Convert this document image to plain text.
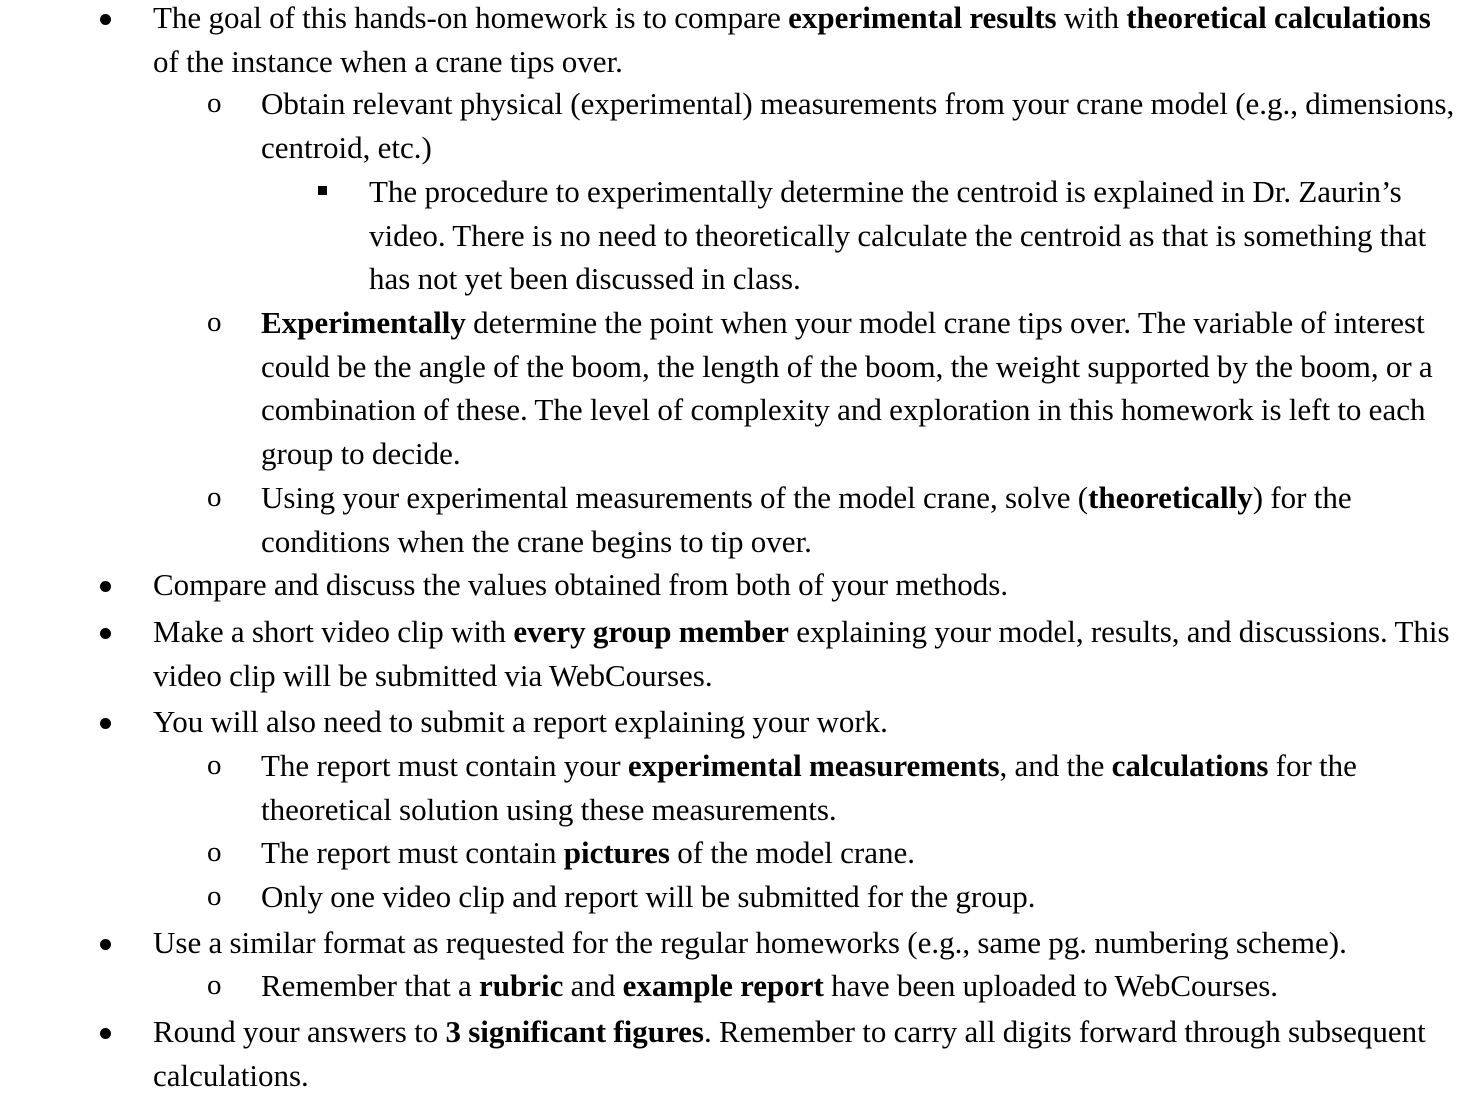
The goal of this hands-on homework is to compare experimental results with theoretical calculations of the instance when a crane tips over.
o Obtain relevant physical (experimental) measurements from your crane model (e.g., dimensions, centroid, etc.)
The procedure to experimentally determine the centroid is explained in Dr. Zaurin’s video. There is no need to theoretically calculate the centroid as that is something that has not yet been discussed in class.
o Experimentally determine the point when your model crane tips over. The variable of interest could be the angle of the boom, the length of the boom, the weight supported by the boom, or a combination of these. The level of complexity and exploration in this homework is left to each group to decide.
o Using your experimental measurements of the model crane, solve (theoretically) for the conditions when the crane begins to tip over.
Compare and discuss the values obtained from both of your methods.
Make a short video clip with every group member explaining your model, results, and discussions. This video clip will be submitted via WebCourses.
You will also need to submit a report explaining your work.
o The report must contain your experimental measurements, and the calculations for the theoretical solution using these measurements.
o The report must contain pictures of the model crane.
o Only one video clip and report will be submitted for the group.
Use a similar format as requested for the regular homeworks (e.g., same pg. numbering scheme).
o Remember that a rubric and example report have been uploaded to WebCourses.
Round your answers to 3 significant figures. Remember to carry all digits forward through subsequent calculations.
